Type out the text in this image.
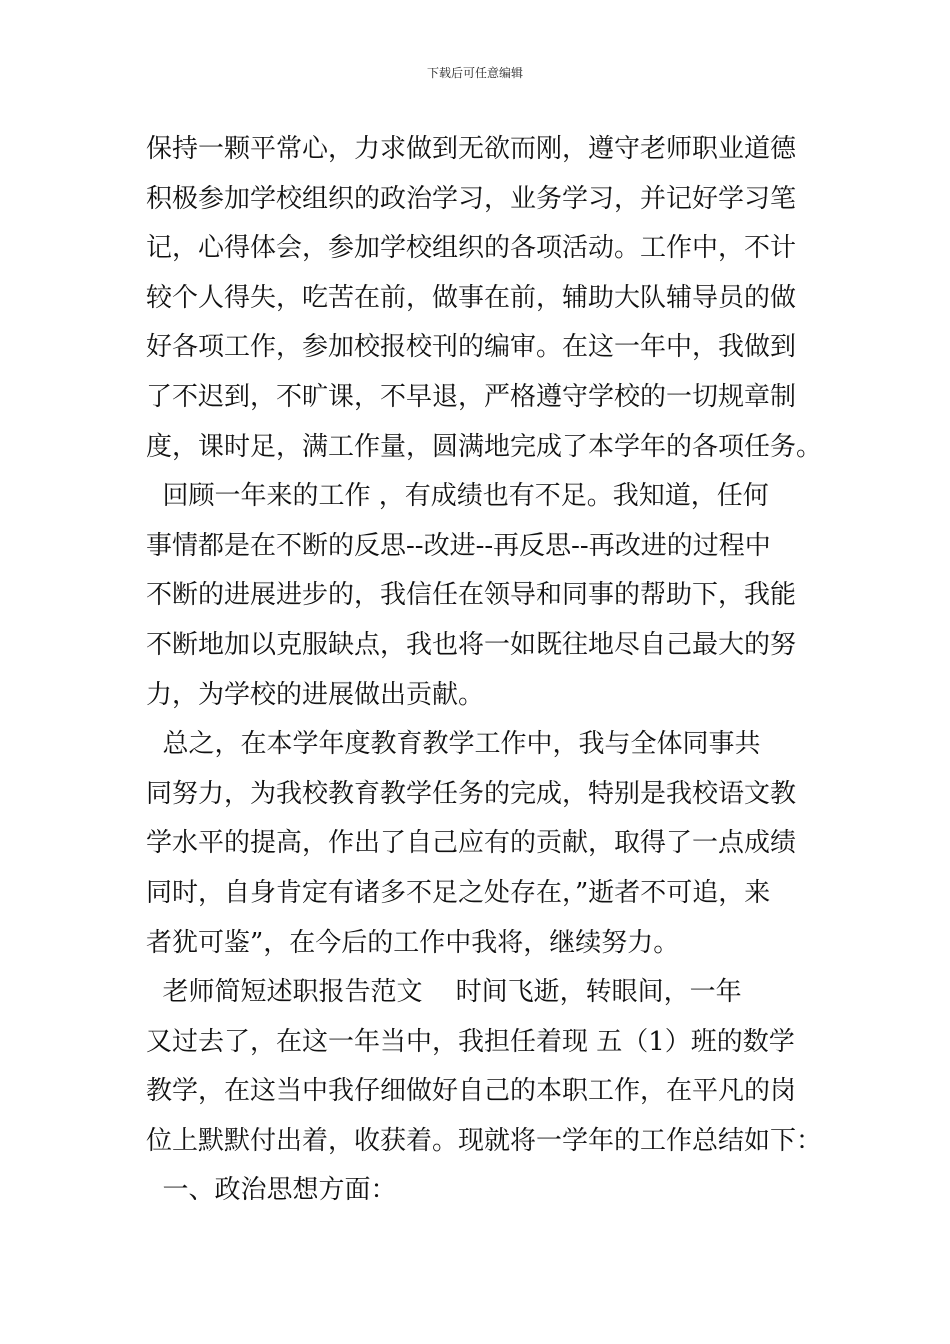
下载后可任意编辑
保持一颗平常心，力求做到无欲而刚，遵守老师职业道德
积极参加学校组织的政治学习，业务学习，并记好学习笔
记，心得体会，参加学校组织的各项活动。工作中，不计
较个人得失，吃苦在前，做事在前，辅助大队辅导员的做
好各项工作，参加校报校刊的编审。在这一年中，我做到
了不迟到，不旷课，不早退，严格遵守学校的一切规章制
度，课时足，满工作量，圆满地完成了本学年的各项任务。
回顾一年来的工作 ，有成绩也有不足。我知道，任何
事情都是在不断的反思--改进--再反思--再改进的过程中
不断的进展进步的，我信任在领导和同事的帮助下，我能
不断地加以克服缺点，我也将一如既往地尽自己最大的努
力，为学校的进展做出贡献。
总之，在本学年度教育教学工作中，我与全体同事共
同努力，为我校教育教学任务的完成，特别是我校语文教
学水平的提高，作出了自己应有的贡献，取得了一点成绩
同时，自身肯定有诸多不足之处存在，”逝者不可追，来
者犹可鉴”，在今后的工作中我将，继续努力。
老师简短述职报告范文    时间飞逝，转眼间，一年
又过去了，在这一年当中，我担任着现 五（1）班的数学
教学，在这当中我仔细做好自己的本职工作，在平凡的岗
位上默默付出着，收获着。现就将一学年的工作总结如下：
一、政治思想方面：
